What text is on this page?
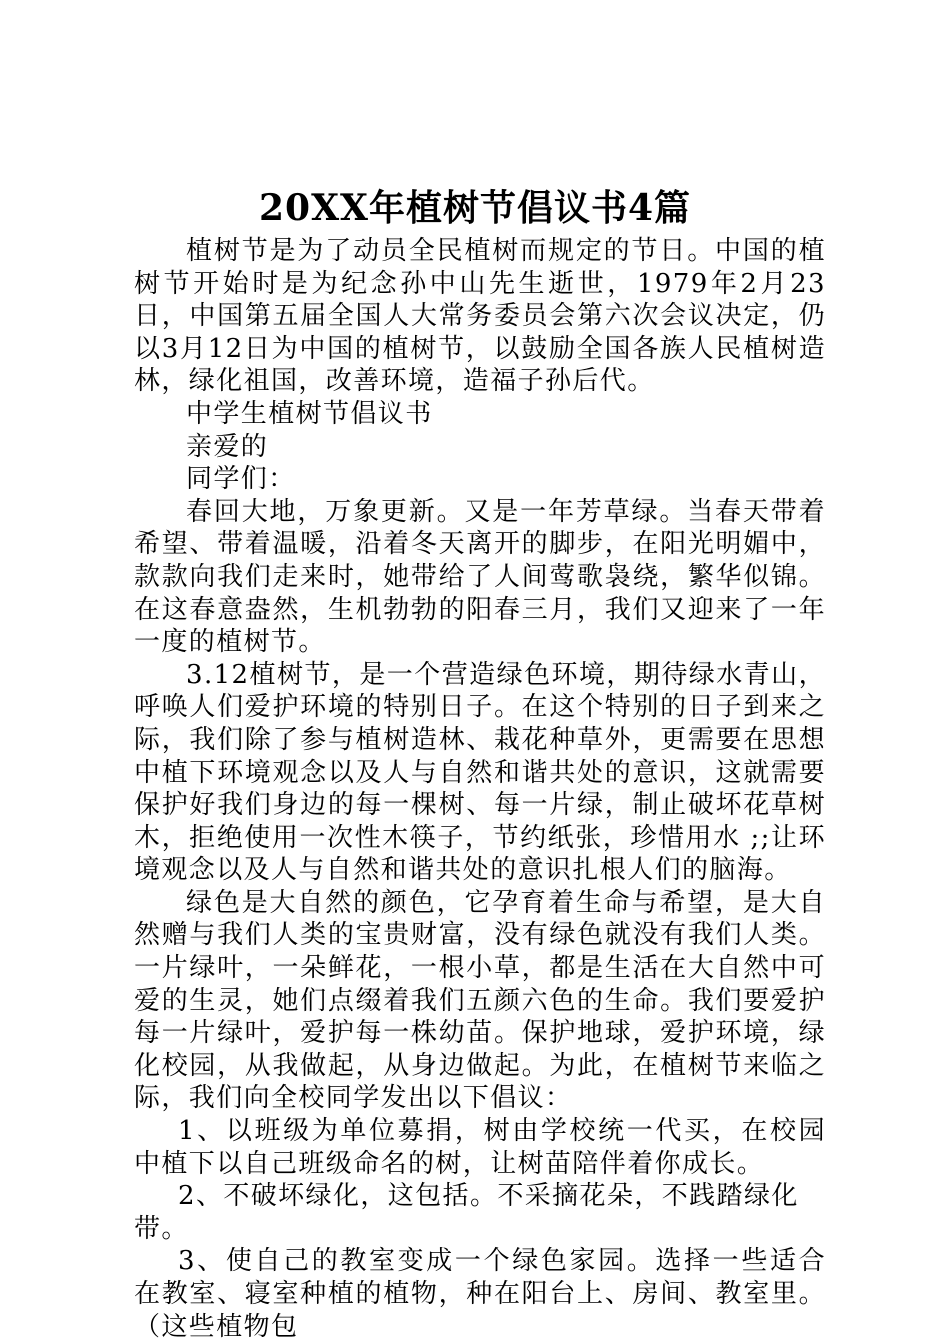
20XX年植树节倡议书4篇

植树节是为了动员全民植树而规定的节日。中国的植树节开始时是为纪念孙中山先生逝世，1979年2月23日，中国第五届全国人大常务委员会第六次会议决定，仍以3月12日为中国的植树节，以鼓励全国各族人民植树造林，绿化祖国，改善环境，造福子孙后代。

中学生植树节倡议书

亲爱的

同学们：

春回大地，万象更新。又是一年芳草绿。当春天带着希望、带着温暖，沿着冬天离开的脚步，在阳光明媚中，款款向我们走来时，她带给了人间莺歌袅绕，繁华似锦。在这春意盎然，生机勃勃的阳春三月，我们又迎来了一年一度的植树节。

3.12植树节，是一个营造绿色环境，期待绿水青山，呼唤人们爱护环境的特别日子。在这个特别的日子到来之际，我们除了参与植树造林、栽花种草外，更需要在思想中植下环境观念以及人与自然和谐共处的意识，这就需要保护好我们身边的每一棵树、每一片绿，制止破坏花草树木，拒绝使用一次性木筷子，节约纸张，珍惜用水 ;;让环境观念以及人与自然和谐共处的意识扎根人们的脑海。

绿色是大自然的颜色，它孕育着生命与希望，是大自然赠与我们人类的宝贵财富，没有绿色就没有我们人类。一片绿叶，一朵鲜花，一根小草，都是生活在大自然中可爱的生灵，她们点缀着我们五颜六色的生命。我们要爱护每一片绿叶，爱护每一株幼苗。保护地球，爱护环境，绿化校园，从我做起，从身边做起。为此，在植树节来临之际，我们向全校同学发出以下倡议：

1、以班级为单位募捐，树由学校统一代买，在校园中植下以自己班级命名的树，让树苗陪伴着你成长。

2、不破坏绿化，这包括。不采摘花朵，不践踏绿化带。

3、使自己的教室变成一个绿色家园。选择一些适合在教室、寝室种植的植物，种在阳台上、房间、教室里。（这些植物包
